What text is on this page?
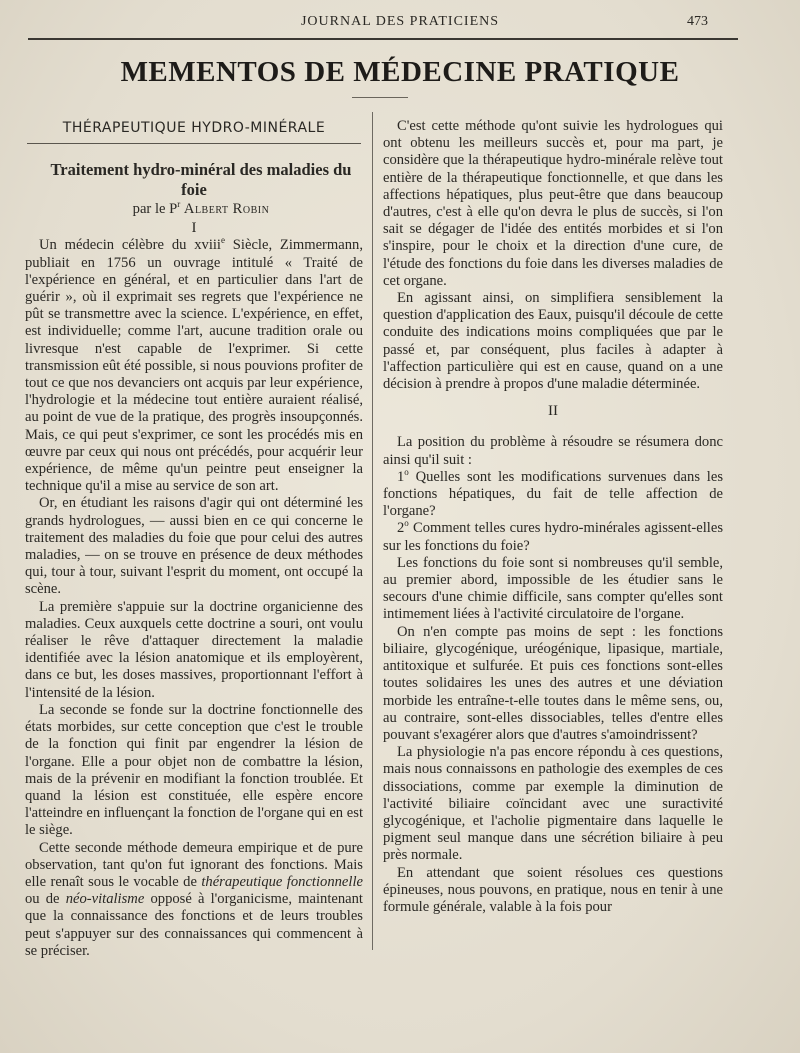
JOURNAL DES PRATICIENS	473
MEMENTOS DE MÉDECINE PRATIQUE

THÉRAPEUTIQUE HYDRO-MINÉRALE

Traitement hydro-minéral des maladies du foie

par le $P^r$ Albert Robin

I

Un médecin célèbre du xviii$^e$ Siècle, Zimmermann, publiait en 1756 un ouvrage intitulé « Traité de l'expérience en général, et en particulier dans l'art de guérir », où il exprimait ses regrets que l'expérience ne pût se transmettre avec la science. L'expérience, en effet, est individuelle; comme l'art, aucune tradition orale ou livresque n'est capable de l'exprimer. Si cette transmission eût été possible, si nous pouvions profiter de tout ce que nos devanciers ont acquis par leur expérience, l'hydrologie et la médecine tout entière auraient réalisé, au point de vue de la pratique, des progrès insoupçonnés. Mais, ce qui peut s'exprimer, ce sont les procédés mis en œuvre par ceux qui nous ont précédés, pour acquérir leur expérience, de même qu'un peintre peut enseigner la technique qu'il a mise au service de son art.

Or, en étudiant les raisons d'agir qui ont déterminé les grands hydrologues, — aussi bien en ce qui concerne le traitement des maladies du foie que pour celui des autres maladies, — on se trouve en présence de deux méthodes qui, tour à tour, suivant l'esprit du moment, ont occupé la scène.

La première s'appuie sur la doctrine organicienne des maladies. Ceux auxquels cette doctrine a souri, ont voulu réaliser le rêve d'attaquer directement la maladie identifiée avec la lésion anatomique et ils employèrent, dans ce but, les doses massives, proportionnant l'effort à l'intensité de la lésion.

La seconde se fonde sur la doctrine fonctionnelle des états morbides, sur cette conception que c'est le trouble de la fonction qui finit par engendrer la lésion de l'organe. Elle a pour objet non de combattre la lésion, mais de la prévenir en modifiant la fonction troublée. Et quand la lésion est constituée, elle espère encore l'atteindre en influençant la fonction de l'organe qui en est le siège.

Cette seconde méthode demeura empirique et de pure observation, tant qu'on fut ignorant des fonctions. Mais elle renaît sous le vocable de thérapeutique fonctionnelle ou de néo-vitalisme opposé à l'organicisme, maintenant que la connaissance des fonctions et de leurs troubles peut s'appuyer sur des connaissances qui commencent à se préciser.

C'est cette méthode qu'ont suivie les hydrologues qui ont obtenu les meilleurs succès et, pour ma part, je considère que la thérapeutique hydro-minérale relève tout entière de la thérapeutique fonctionnelle, et que dans les affections hépatiques, plus peut-être que dans beaucoup d'autres, c'est à elle qu'on devra le plus de succès, si l'on sait se dégager de l'idée des entités morbides et si l'on s'inspire, pour le choix et la direction d'une cure, de l'étude des fonctions du foie dans les diverses maladies de cet organe.

En agissant ainsi, on simplifiera sensiblement la question d'application des Eaux, puisqu'il découle de cette conduite des indications moins compliquées que par le passé et, par conséquent, plus faciles à adapter à l'affection particulière qui est en cause, quand on a une décision à prendre à propos d'une maladie déterminée.

II

La position du problème à résoudre se résumera donc ainsi qu'il suit :

1$^o$ Quelles sont les modifications survenues dans les fonctions hépatiques, du fait de telle affection de l'organe?

2$^o$ Comment telles cures hydro-minérales agissent-elles sur les fonctions du foie?

Les fonctions du foie sont si nombreuses qu'il semble, au premier abord, impossible de les étudier sans le secours d'une chimie difficile, sans compter qu'elles sont intimement liées à l'activité circulatoire de l'organe.

On n'en compte pas moins de sept : les fonctions biliaire, glycogénique, uréogénique, lipasique, martiale, antitoxique et sulfurée. Et puis ces fonctions sont-elles toutes solidaires les unes des autres et une déviation morbide les entraîne-t-elle toutes dans le même sens, ou, au contraire, sont-elles dissociables, telles d'entre elles pouvant s'exagérer alors que d'autres s'amoindrissent?

La physiologie n'a pas encore répondu à ces questions, mais nous connaissons en pathologie des exemples de ces dissociations, comme par exemple la diminution de l'activité biliaire coïncidant avec une suractivité glycogénique, et l'acholie pigmentaire dans laquelle le pigment seul manque dans une sécrétion biliaire à peu près normale.

En attendant que soient résolues ces questions épineuses, nous pouvons, en pratique, nous en tenir à une formule générale, valable à la fois pour
